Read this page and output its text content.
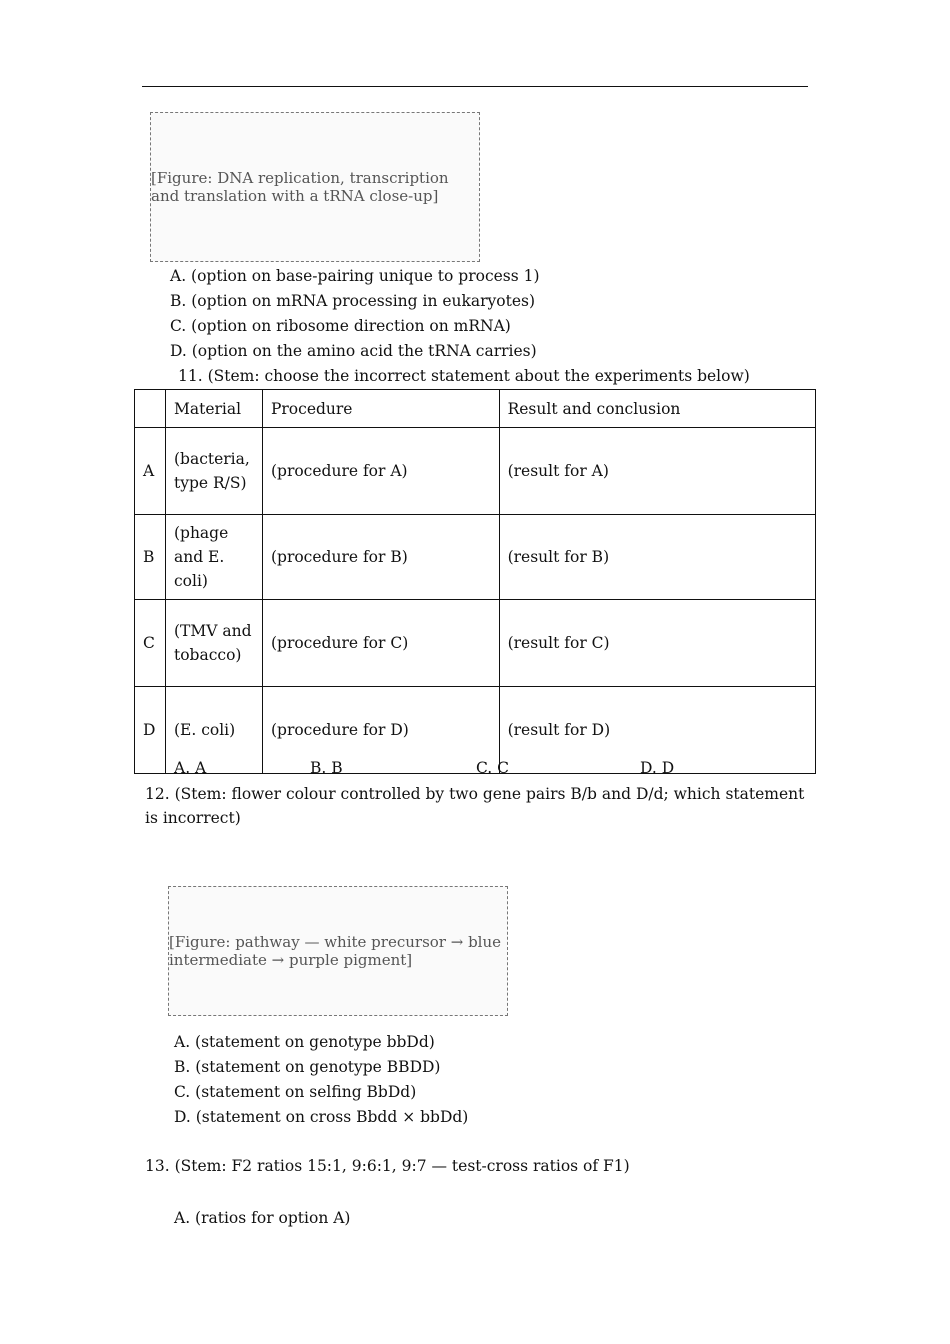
[Figure: DNA replication, transcription and translation with a tRNA close-up]
A. (option on base-pairing unique to process 1)
B. (option on mRNA processing in eukaryotes)
C. (option on ribosome direction on mRNA)
D. (option on the amino acid the tRNA carries)
11. (Stem: choose the incorrect statement about the experiments below)
	Material	Procedure	Result and conclusion
A	(bacteria, type R/S)	(procedure for A)	(result for A)
B	(phage and E. coli)	(procedure for B)	(result for B)
C	(TMV and tobacco)	(procedure for C)	(result for C)
D	(E. coli)	(procedure for D)	(result for D)
A. A	B. B	C. C	D. D
12. (Stem: flower colour controlled by two gene pairs B/b and D/d; which statement is incorrect)
[Figure: pathway — white precursor → blue intermediate → purple pigment]
A. (statement on genotype bbDd)
B. (statement on genotype BBDD)
C. (statement on selfing BbDd)
D. (statement on cross Bbdd × bbDd)
13. (Stem: F2 ratios 15:1, 9:6:1, 9:7 — test-cross ratios of F1)
A. (ratios for option A)
